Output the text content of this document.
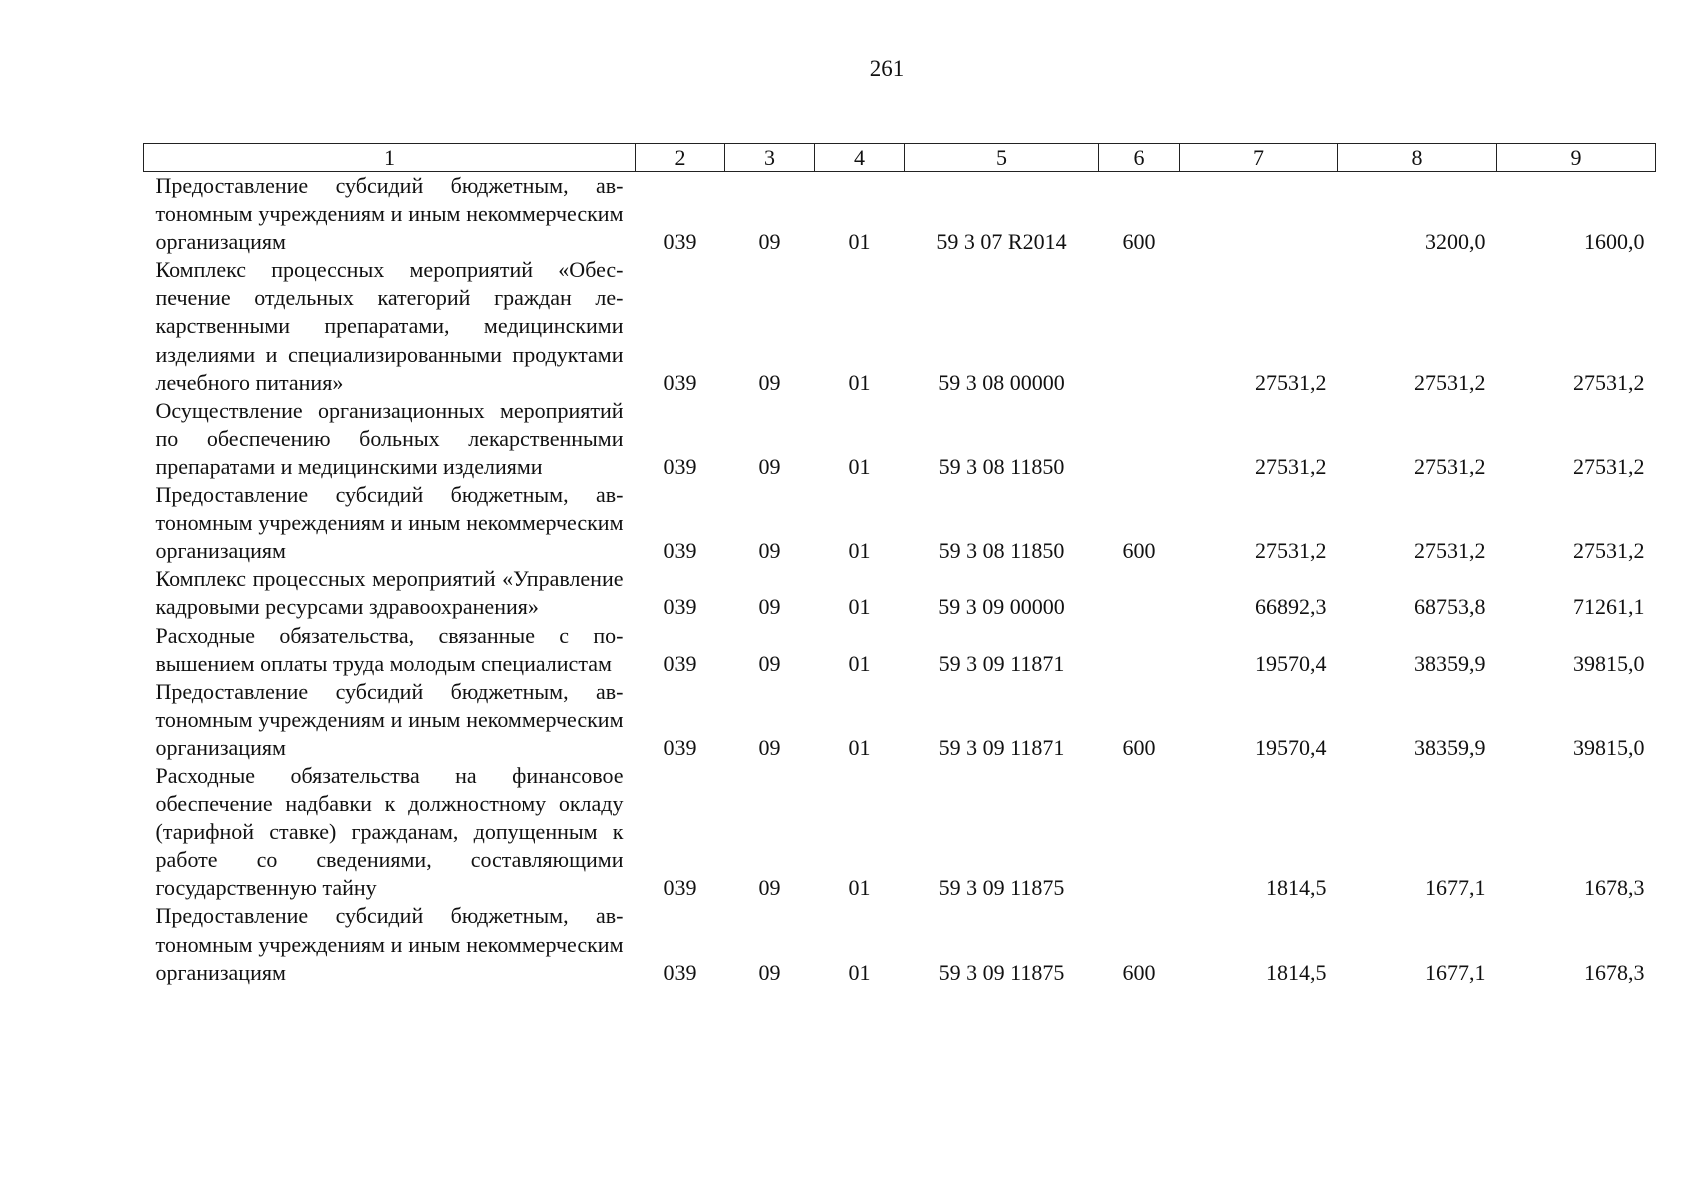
261
1	2	3	4	5	6	7	8	9
Предоставление субсидий бюджетным, автономным учреждениям и иным некоммерческим организациям	039	09	01	59 3 07 R2014	600		3200,0	1600,0
Комплекс процессных мероприятий «Обеспечение отдельных категорий граждан лекарственными препаратами, медицинскими изделиями и специализированными продуктами лечебного питания»	039	09	01	59 3 08 00000		27531,2	27531,2	27531,2
Осуществление организационных мероприятий по обеспечению больных лекарственными препаратами и медицинскими изделиями	039	09	01	59 3 08 11850		27531,2	27531,2	27531,2
Предоставление субсидий бюджетным, автономным учреждениям и иным некоммерческим организациям	039	09	01	59 3 08 11850	600	27531,2	27531,2	27531,2
Комплекс процессных мероприятий «Управление кадровыми ресурсами здравоохранения»	039	09	01	59 3 09 00000		66892,3	68753,8	71261,1
Расходные обязательства, связанные с повышением оплаты труда молодым специалистам	039	09	01	59 3 09 11871		19570,4	38359,9	39815,0
Предоставление субсидий бюджетным, автономным учреждениям и иным некоммерческим организациям	039	09	01	59 3 09 11871	600	19570,4	38359,9	39815,0
Расходные обязательства на финансовое обеспечение надбавки к должностному окладу (тарифной ставке) гражданам, допущенным к работе со сведениями, составляющими государственную тайну	039	09	01	59 3 09 11875		1814,5	1677,1	1678,3
Предоставление субсидий бюджетным, автономным учреждениям и иным некоммерческим организациям	039	09	01	59 3 09 11875	600	1814,5	1677,1	1678,3
